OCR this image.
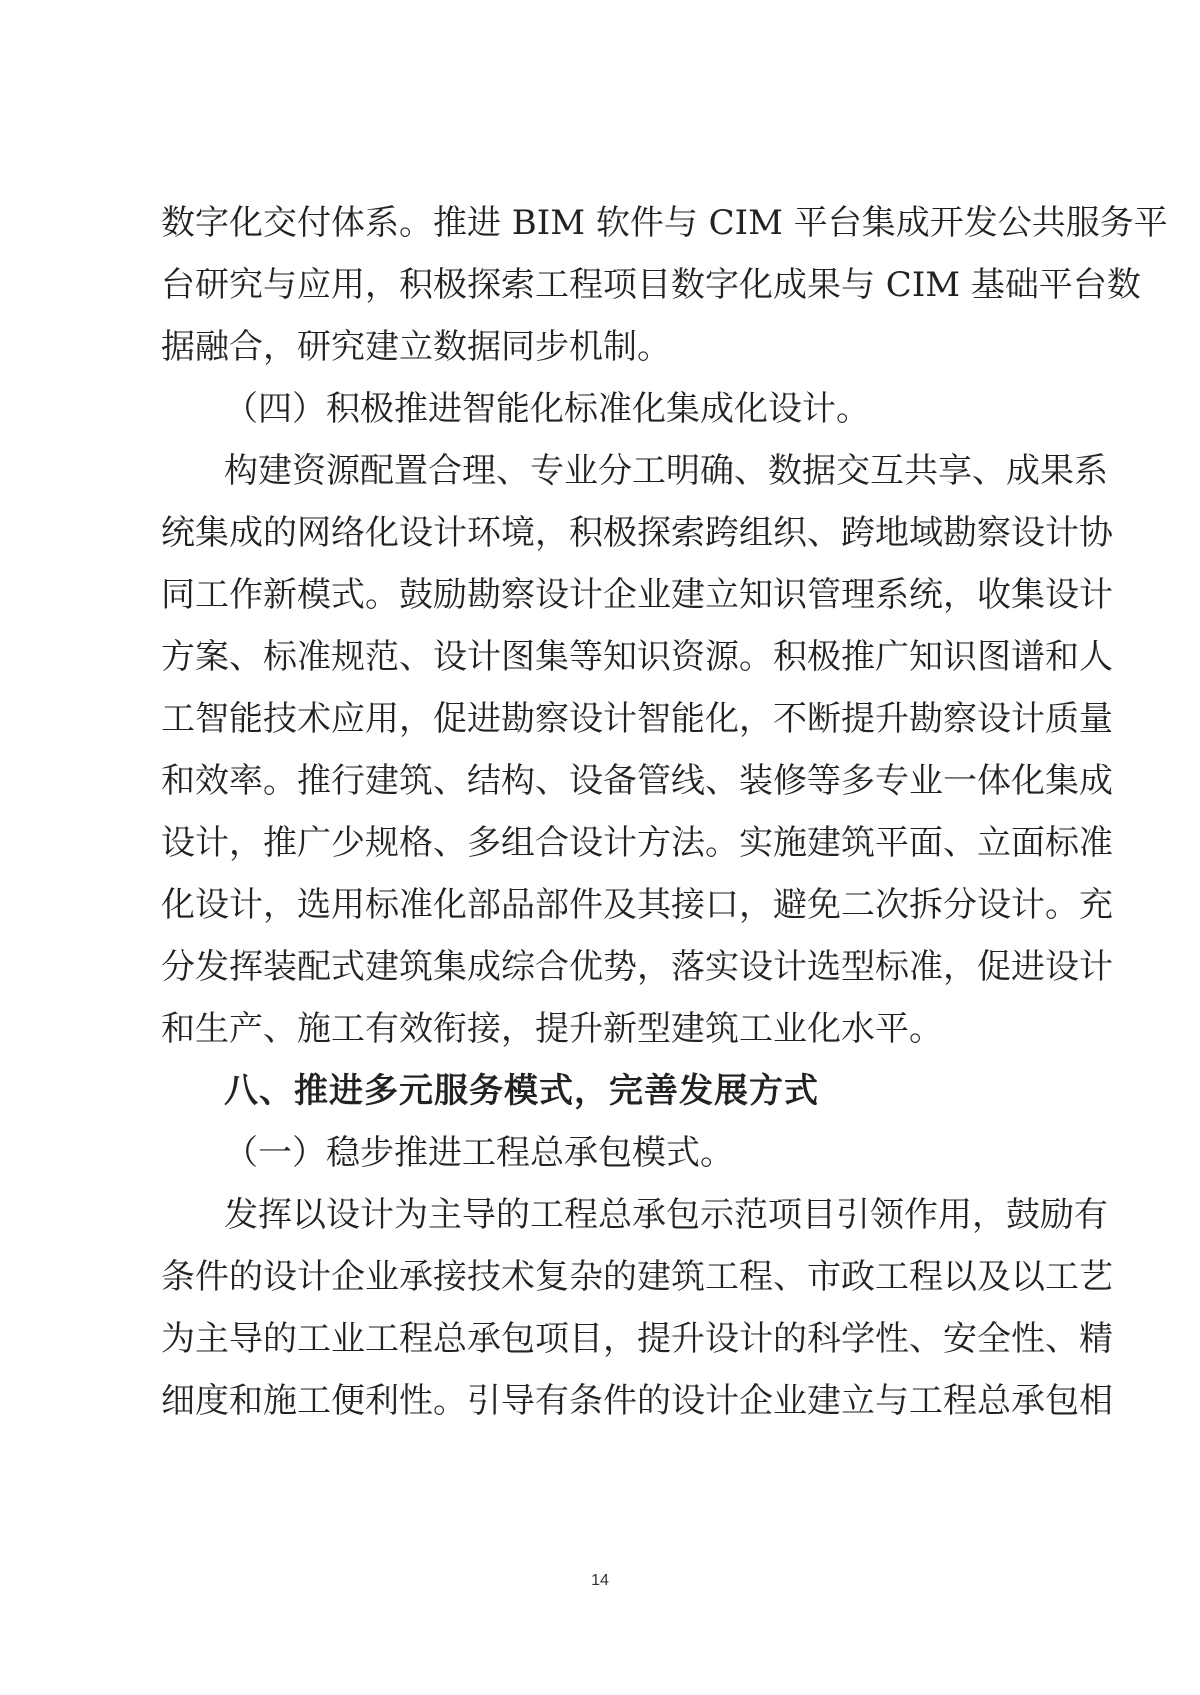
数字化交付体系。推进 BIM 软件与 CIM 平台集成开发公共服务平
台研究与应用，积极探索工程项目数字化成果与 CIM 基础平台数
据融合，研究建立数据同步机制。
（四）积极推进智能化标准化集成化设计。
构建资源配置合理、专业分工明确、数据交互共享、成果系
统集成的网络化设计环境，积极探索跨组织、跨地域勘察设计协
同工作新模式。鼓励勘察设计企业建立知识管理系统，收集设计
方案、标准规范、设计图集等知识资源。积极推广知识图谱和人
工智能技术应用，促进勘察设计智能化，不断提升勘察设计质量
和效率。推行建筑、结构、设备管线、装修等多专业一体化集成
设计，推广少规格、多组合设计方法。实施建筑平面、立面标准
化设计，选用标准化部品部件及其接口，避免二次拆分设计。充
分发挥装配式建筑集成综合优势，落实设计选型标准，促进设计
和生产、施工有效衔接，提升新型建筑工业化水平。
八、推进多元服务模式，完善发展方式
（一）稳步推进工程总承包模式。
发挥以设计为主导的工程总承包示范项目引领作用，鼓励有
条件的设计企业承接技术复杂的建筑工程、市政工程以及以工艺
为主导的工业工程总承包项目，提升设计的科学性、安全性、精
细度和施工便利性。引导有条件的设计企业建立与工程总承包相
14
